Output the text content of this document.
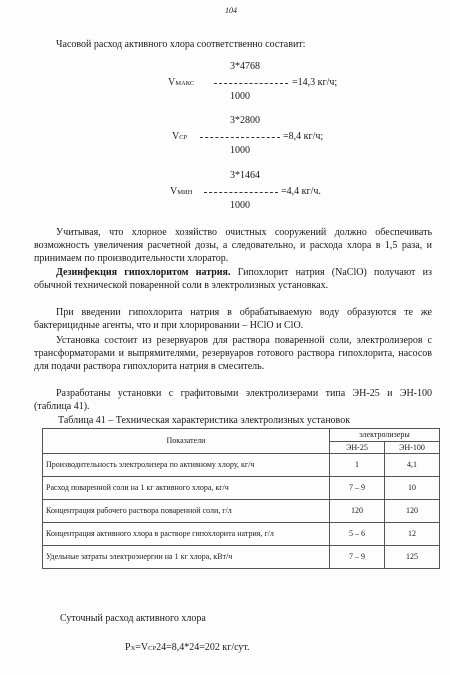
104
Часовой расход активного хлора соответственно составит:
3*4768
VМАКС	=14,3 кг/ч;
1000
3*2800
VСР	=8,4 кг/ч;
1000
3*1464
VМИН	=4,4 кг/ч.
1000
Учитывая, что хлорное хозяйство очистных сооружений должно обеспечивать возможность увеличения расчетной дозы, а следовательно, и расхода хлора в 1,5 раза, и принимаем по производительности хлоратор.
Дезинфекция гипохлоритом натрия. Гипохлорит натрия (NaClO) получают из обычной технической поваренной соли в электролизных установках.
При введении гипохлорита натрия в обрабатываемую воду образуются те же бактерицидные агенты, что и при хлорировании – HClO и ClO.
Установка состоит из резервуаров для раствора поваренной соли, электролизеров с трансформаторами и выпрямителями, резервуаров готового раствора гипохлорита, насосов для подачи раствора гипохлорита натрия в смеситель.
Разработаны установки с графитовыми электролизерами типа ЭН-25 и ЭН-100 (таблица 41).
Таблица 41 – Техническая характеристика электролизных установок
Показатели	электролизеры	
	ЭН-25	ЭН-100
Производительность электролизера по активному хлору, кг/ч	1	4,1
Расход поваренной соли на 1 кг активного хлора, кг/ч	7 – 9	10
Концентрация рабочего раствора поваренной соли, г/л	120	120
Концентрация активного хлора в растворе гипохлорита натрия, г/л	5 – 6	12
Удельные затраты электроэнергии на 1 кг хлора, кВт/ч	7 – 9	125
Суточный расход активного хлора
PX=VСР24=8,4*24=202 кг/сут.
